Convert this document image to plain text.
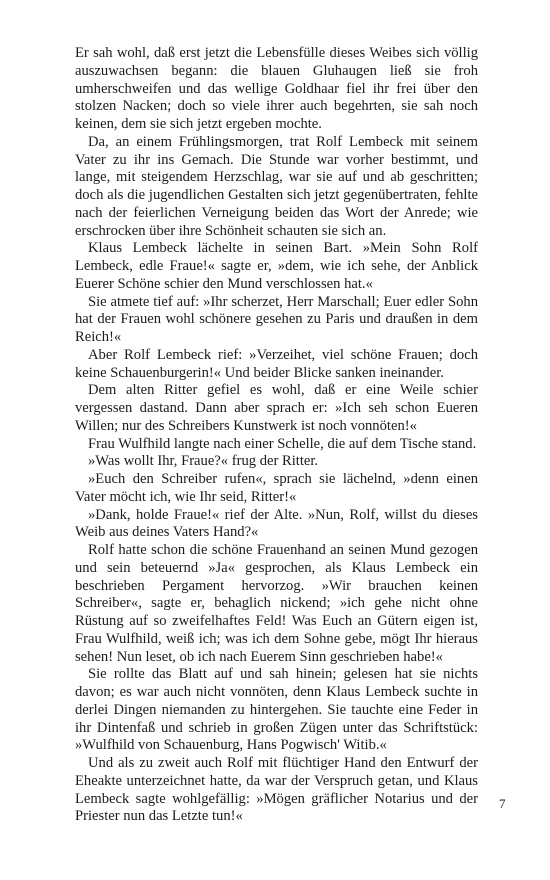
Er sah wohl, daß erst jetzt die Lebensfülle dieses Weibes sich völlig auszuwachsen begann: die blauen Gluhaugen ließ sie froh umherschweifen und das wellige Goldhaar fiel ihr frei über den stolzen Nacken; doch so viele ihrer auch begehrten, sie sah noch keinen, dem sie sich jetzt ergeben mochte.

Da, an einem Frühlingsmorgen, trat Rolf Lembeck mit seinem Vater zu ihr ins Gemach. Die Stunde war vorher bestimmt, und lange, mit steigendem Herzschlag, war sie auf und ab geschritten; doch als die jugendlichen Gestalten sich jetzt gegenübertraten, fehlte nach der feierlichen Verneigung beiden das Wort der Anrede; wie erschrocken über ihre Schönheit schauten sie sich an.

Klaus Lembeck lächelte in seinen Bart. »Mein Sohn Rolf Lembeck, edle Fraue!« sagte er, »dem, wie ich sehe, der Anblick Euerer Schöne schier den Mund verschlossen hat.«

Sie atmete tief auf: »Ihr scherzet, Herr Marschall; Euer edler Sohn hat der Frauen wohl schönere gesehen zu Paris und draußen in dem Reich!«

Aber Rolf Lembeck rief: »Verzeihet, viel schöne Frauen; doch keine Schauenburgerin!« Und beider Blicke sanken ineinander.

Dem alten Ritter gefiel es wohl, daß er eine Weile schier vergessen dastand. Dann aber sprach er: »Ich seh schon Eueren Willen; nur des Schreibers Kunstwerk ist noch vonnöten!«

Frau Wulfhild langte nach einer Schelle, die auf dem Tische stand.

»Was wollt Ihr, Fraue?« frug der Ritter.

»Euch den Schreiber rufen«, sprach sie lächelnd, »denn einen Vater möcht ich, wie Ihr seid, Ritter!«

»Dank, holde Fraue!« rief der Alte. »Nun, Rolf, willst du dieses Weib aus deines Vaters Hand?«

Rolf hatte schon die schöne Frauenhand an seinen Mund gezogen und sein beteuernd »Ja« gesprochen, als Klaus Lembeck ein beschrieben Pergament hervorzog. »Wir brauchen keinen Schreiber«, sagte er, behaglich nickend; »ich gehe nicht ohne Rüstung auf so zweifelhaftes Feld! Was Euch an Gütern eigen ist, Frau Wulfhild, weiß ich; was ich dem Sohne gebe, mögt Ihr hieraus sehen! Nun leset, ob ich nach Euerem Sinn geschrieben habe!«

Sie rollte das Blatt auf und sah hinein; gelesen hat sie nichts davon; es war auch nicht vonnöten, denn Klaus Lembeck suchte in derlei Dingen niemanden zu hintergehen. Sie tauchte eine Feder in ihr Dintenfaß und schrieb in großen Zügen unter das Schriftstück: »Wulfhild von Schauenburg, Hans Pogwisch' Witib.«

Und als zu zweit auch Rolf mit flüchtiger Hand den Entwurf der Eheakte unterzeichnet hatte, da war der Verspruch getan, und Klaus Lembeck sagte wohlgefällig: »Mögen gräflicher Notarius und der Priester nun das Letzte tun!«

7
